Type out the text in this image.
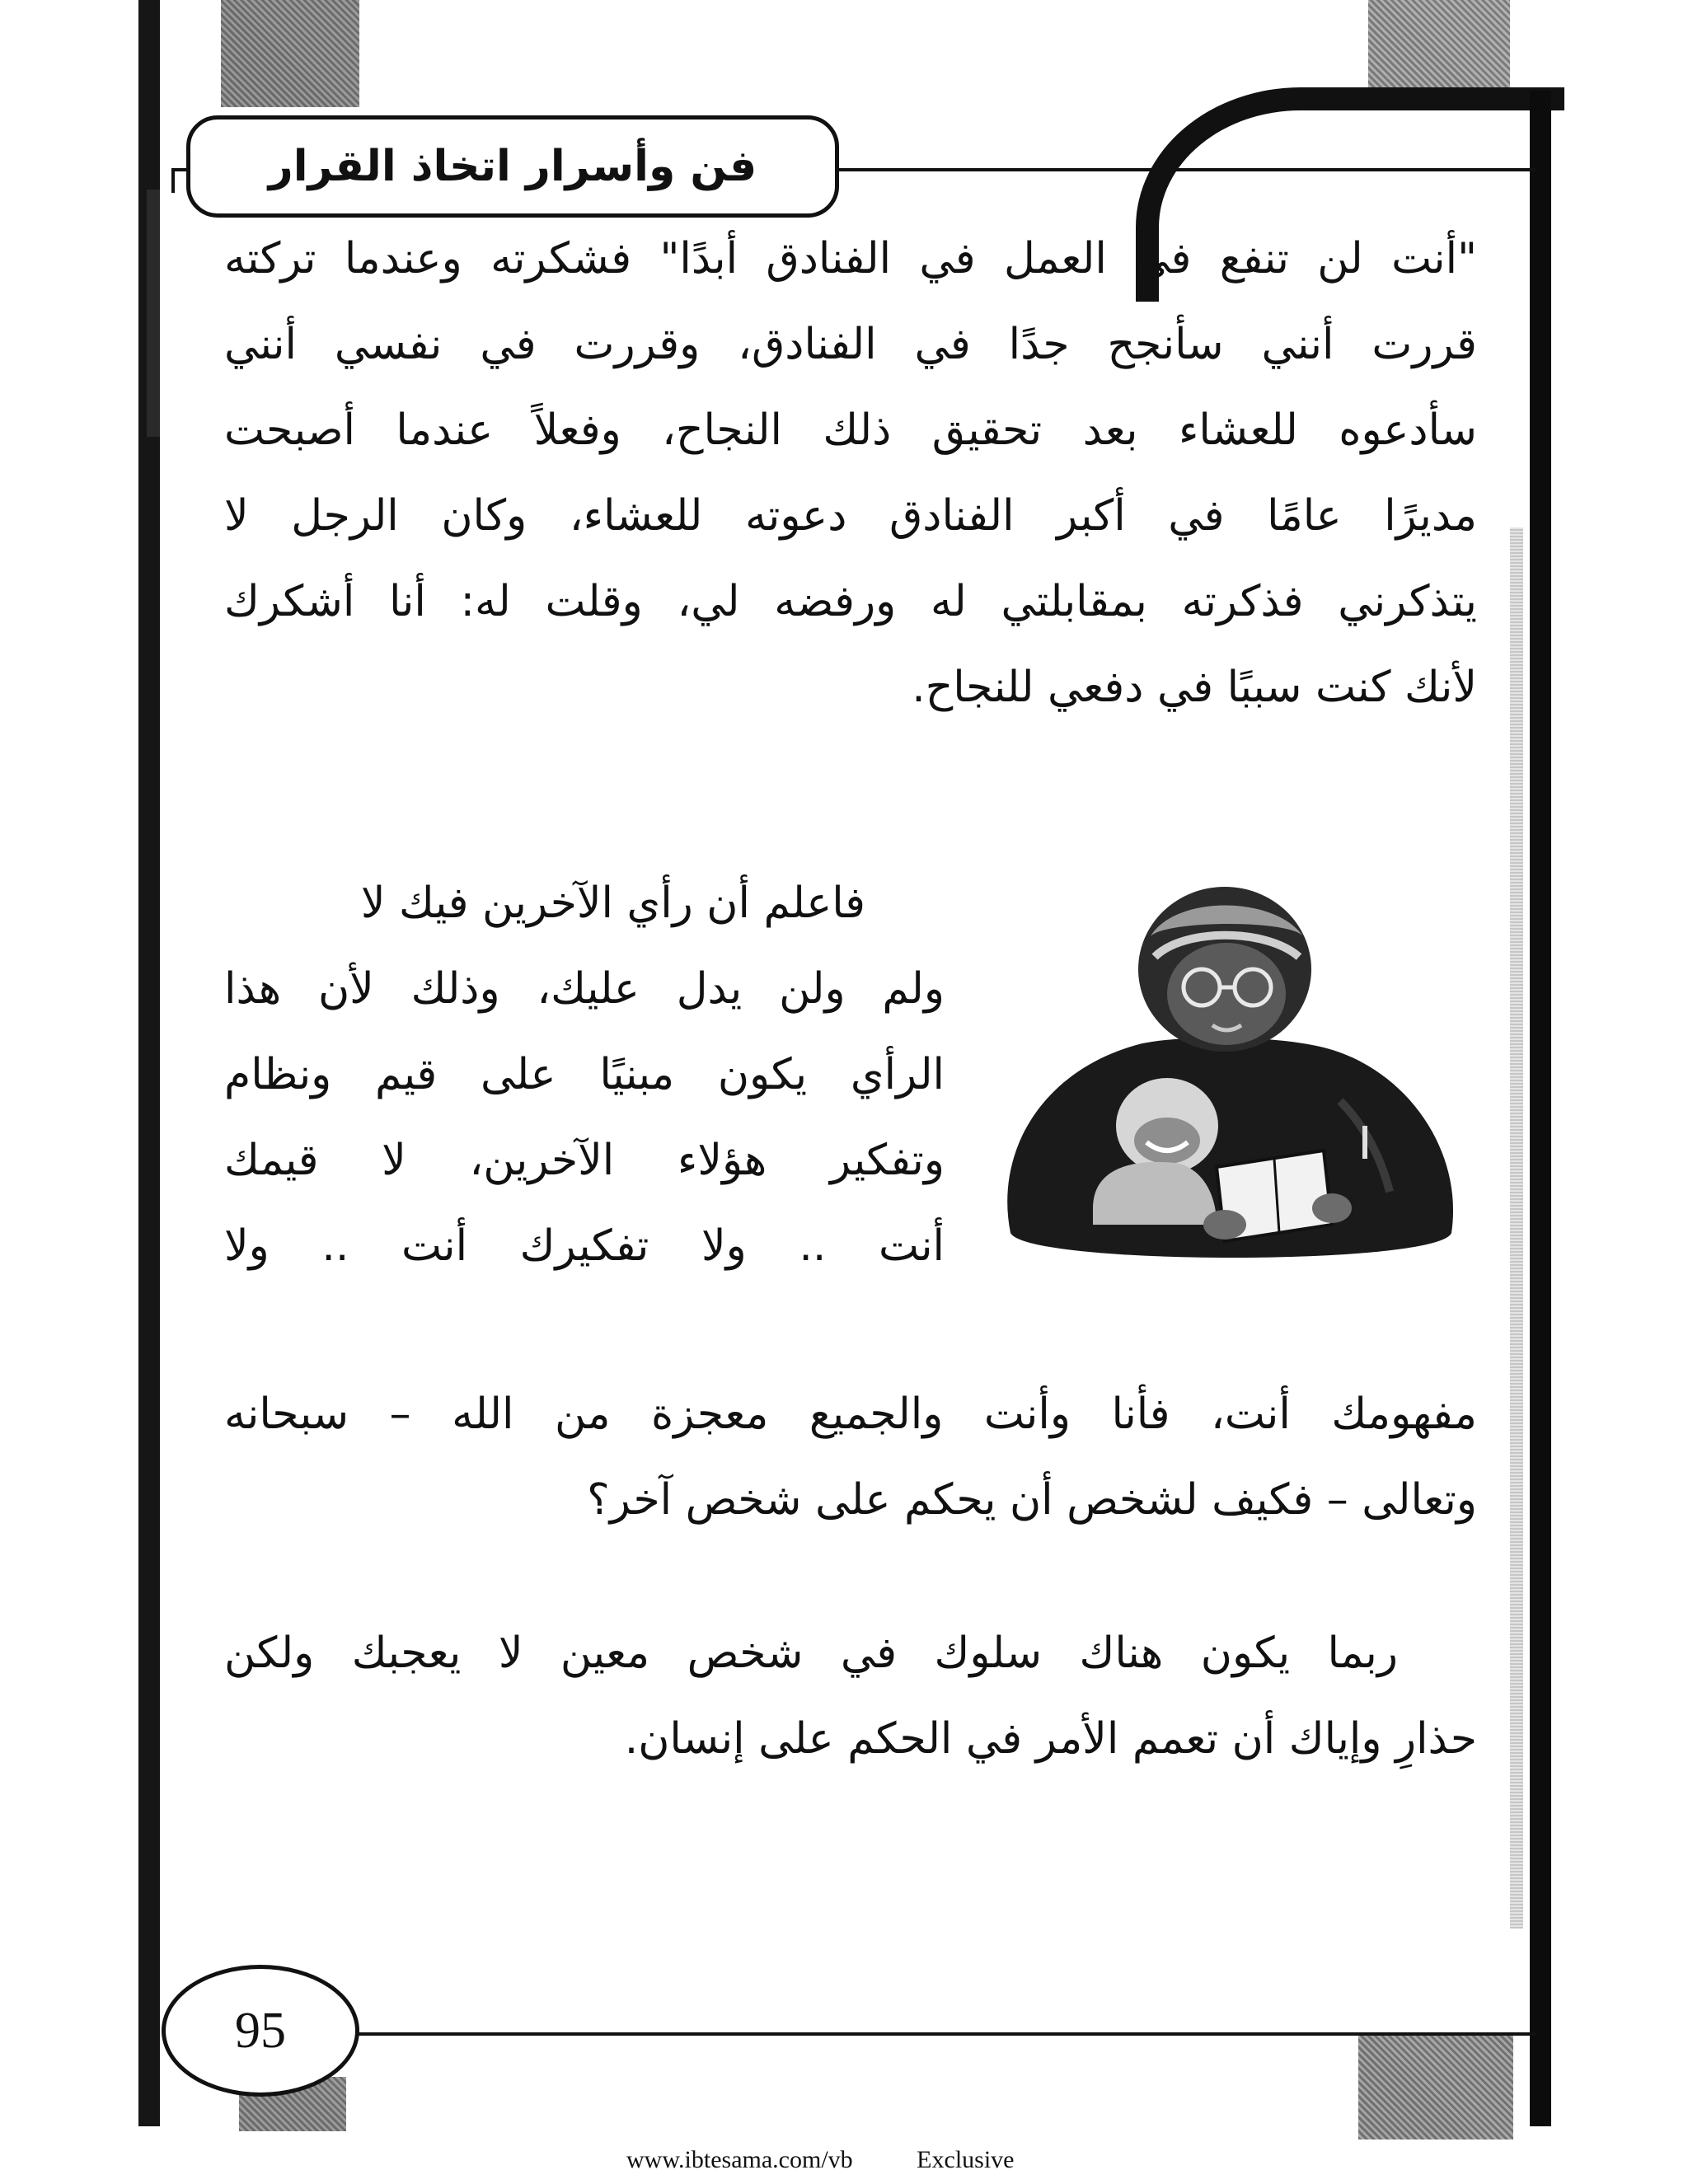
فن وأسرار اتخاذ القرار
"أنت لن تنفع في العمل في الفنادق أبدًا" فشكرته وعندما تركته
قررت أنني سأنجح جدًا في الفنادق، وقررت في نفسي أنني
سأدعوه للعشاء بعد تحقيق ذلك النجاح، وفعلاً عندما أصبحت
مديرًا عامًا في أكبر الفنادق دعوته للعشاء، وكان الرجل لا
يتذكرني فذكرته بمقابلتي له ورفضه لي، وقلت له: أنا أشكرك
لأنك كنت سببًا في دفعي للنجاح.
فاعلم أن رأي الآخرين فيك لا
ولم ولن يدل عليك، وذلك لأن هذا
الرأي يكون مبنيًا على قيم ونظام
وتفكير هؤلاء الآخرين، لا قيمك
أنت .. ولا تفكيرك أنت .. ولا
مفهومك أنت، فأنا وأنت والجميع معجزة من الله – سبحانه
وتعالى – فكيف لشخص أن يحكم على شخص آخر؟
ربما يكون هناك سلوك في شخص معين لا يعجبك ولكن
حذارِ وإياك أن تعمم الأمر في الحكم على إنسان.
95
www.ibtesama.com/vb	Exclusive
